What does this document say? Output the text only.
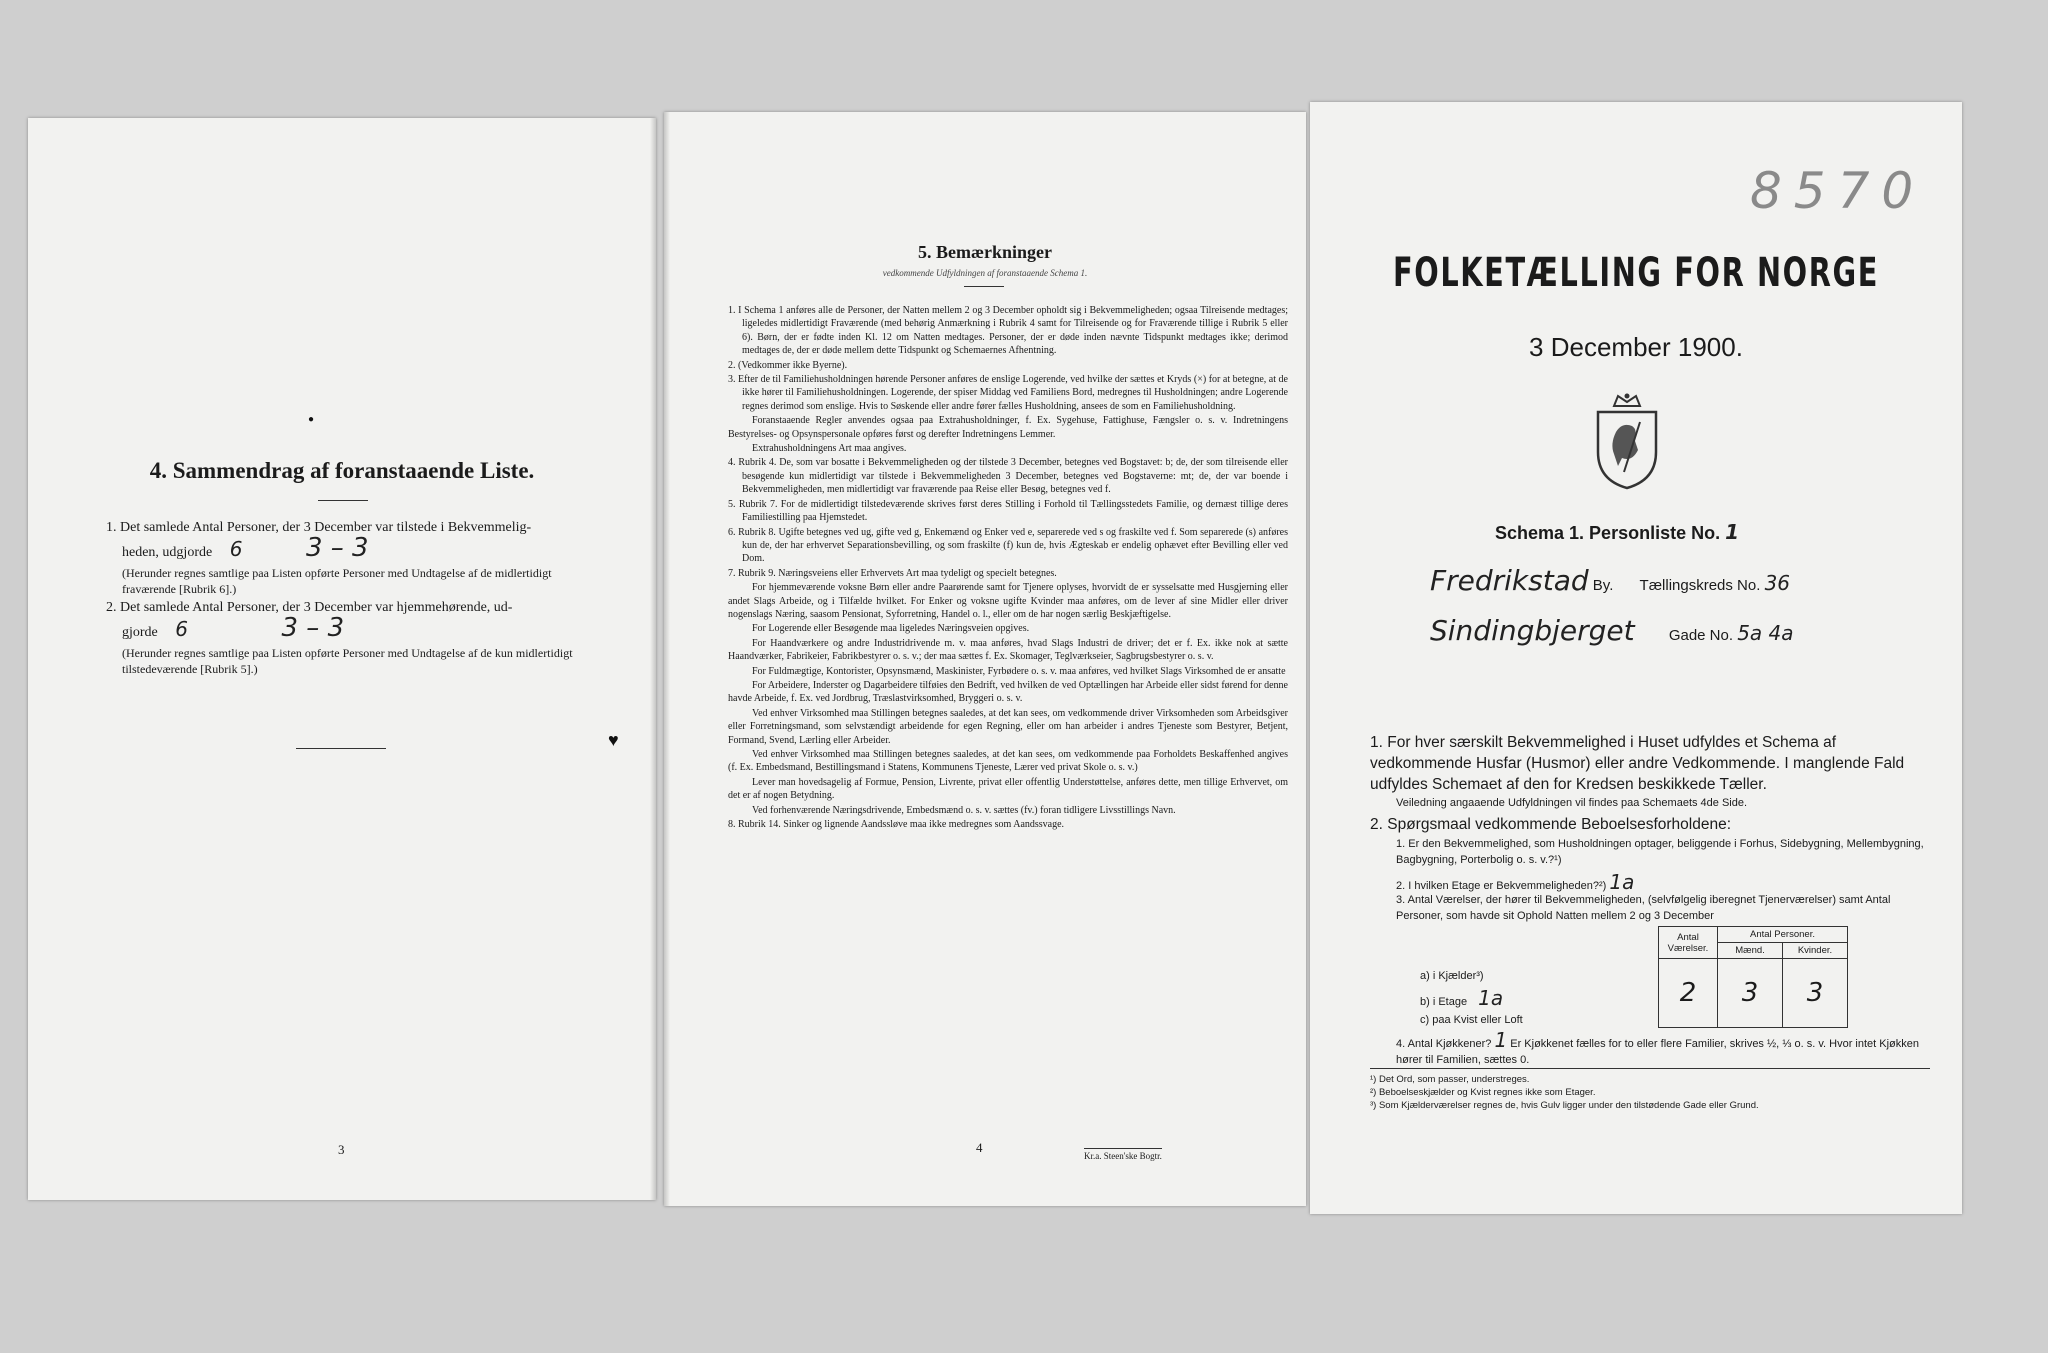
4. Sammendrag af foranstaaende Liste.
1. Det samlede Antal Personer, der 3 December var tilstede i Bekvemmelig-
heden, udgjorde 6 3 – 3
(Herunder regnes samtlige paa Listen opførte Personer med Undtagelse af de midlertidigt fraværende [Rubrik 6].)
2. Det samlede Antal Personer, der 3 December var hjemmehørende, ud-
gjorde 6	3 – 3
(Herunder regnes samtlige paa Listen opførte Personer med Undtagelse af de kun midlertidigt tilstedeværende [Rubrik 5].)
♥
●
3
5. Bemærkninger
vedkommende Udfyldningen af foranstaaende Schema 1.

1. I Schema 1 anføres alle de Personer, der Natten mellem 2 og 3 December opholdt sig i Bekvemmeligheden; ogsaa Tilreisende medtages; ligeledes midlertidigt Fraværende (med behørig Anmærkning i Rubrik 4 samt for Tilreisende og for Fraværende tillige i Rubrik 5 eller 6). Børn, der er fødte inden Kl. 12 om Natten medtages. Personer, der er døde inden nævnte Tidspunkt medtages ikke; derimod medtages de, der er døde mellem dette Tidspunkt og Schemaernes Afhentning.

2. (Vedkommer ikke Byerne).

3. Efter de til Familiehusholdningen hørende Personer anføres de enslige Logerende, ved hvilke der sættes et Kryds (×) for at betegne, at de ikke hører til Familiehusholdningen. Logerende, der spiser Middag ved Familiens Bord, medregnes til Husholdningen; andre Logerende regnes derimod som enslige. Hvis to Søskende eller andre fører fælles Husholdning, ansees de som en Familiehusholdning.

Foranstaaende Regler anvendes ogsaa paa Extrahusholdninger, f. Ex. Sygehuse, Fattighuse, Fængsler o. s. v. Indretningens Bestyrelses- og Opsynspersonale opføres først og derefter Indretningens Lemmer.

Extrahusholdningens Art maa angives.

4. Rubrik 4. De, som var bosatte i Bekvemmeligheden og der tilstede 3 December, betegnes ved Bogstavet: b; de, der som tilreisende eller besøgende kun midlertidigt var tilstede i Bekvemmeligheden 3 December, betegnes ved Bogstaverne: mt; de, der var boende i Bekvemmeligheden, men midlertidigt var fraværende paa Reise eller Besøg, betegnes ved f.

5. Rubrik 7. For de midlertidigt tilstedeværende skrives først deres Stilling i Forhold til Tællingsstedets Familie, og dernæst tillige deres Familiestilling paa Hjemstedet.

6. Rubrik 8. Ugifte betegnes ved ug, gifte ved g, Enkemænd og Enker ved e, separerede ved s og fraskilte ved f. Som separerede (s) anføres kun de, der har erhvervet Separationsbevilling, og som fraskilte (f) kun de, hvis Ægteskab er endelig ophævet efter Bevilling eller ved Dom.

7. Rubrik 9. Næringsveiens eller Erhvervets Art maa tydeligt og specielt betegnes.

For hjemmeværende voksne Børn eller andre Paarørende samt for Tjenere oplyses, hvorvidt de er sysselsatte med Husgjerning eller andet Slags Arbeide, og i Tilfælde hvilket. For Enker og voksne ugifte Kvinder maa anføres, om de lever af sine Midler eller driver nogenslags Næring, saasom Pensionat, Syforretning, Handel o. l., eller om de har nogen særlig Beskjæftigelse.

For Logerende eller Besøgende maa ligeledes Næringsveien opgives.

For Haandværkere og andre Industridrivende m. v. maa anføres, hvad Slags Industri de driver; det er f. Ex. ikke nok at sætte Haandværker, Fabrikeier, Fabrikbestyrer o. s. v.; der maa sættes f. Ex. Skomager, Teglværkseier, Sagbrugsbestyrer o. s. v.

For Fuldmægtige, Kontorister, Opsynsmænd, Maskinister, Fyrbødere o. s. v. maa anføres, ved hvilket Slags Virksomhed de er ansatte

For Arbeidere, Inderster og Dagarbeidere tilføies den Bedrift, ved hvilken de ved Optællingen har Arbeide eller sidst førend for denne havde Arbeide, f. Ex. ved Jordbrug, Træslastvirksomhed, Bryggeri o. s. v.

Ved enhver Virksomhed maa Stillingen betegnes saaledes, at det kan sees, om vedkommende driver Virksomheden som Arbeidsgiver eller Forretningsmand, som selvstændigt arbeidende for egen Regning, eller om han arbeider i andres Tjeneste som Bestyrer, Betjent, Formand, Svend, Lærling eller Arbeider.

Ved enhver Virksomhed maa Stillingen betegnes saaledes, at det kan sees, om vedkommende paa Forholdets Beskaffenhed angives (f. Ex. Embedsmand, Bestillingsmand i Statens, Kommunens Tjeneste, Lærer ved privat Skole o. s. v.)

Lever man hovedsagelig af Formue, Pension, Livrente, privat eller offentlig Understøttelse, anføres dette, men tillige Erhvervet, om det er af nogen Betydning.

Ved forhenværende Næringsdrivende, Embedsmænd o. s. v. sættes (fv.) foran tidligere Livsstillings Navn.

8. Rubrik 14. Sinker og lignende Aandssløve maa ikke medregnes som Aandssvage.

4
Kr.a. Steen'ske Bogtr.
8570
FOLKETÆLLING FOR NORGE
3 December 1900.
Schema 1. Personliste No. 1
Fredrikstad By. Tællingskreds No. 36
Sindingbjerget Gade No. 5a 4a
1. For hver særskilt Bekvemmelighed i Huset udfyldes et Schema af vedkommende Husfar (Husmor) eller andre Vedkommende. I manglende Fald udfyldes Schemaet af den for Kredsen beskikkede Tæller.
Veiledning angaaende Udfyldningen vil findes paa Schemaets 4de Side.
2. Spørgsmaal vedkommende Beboelsesforholdene:
1. Er den Bekvemmelighed, som Husholdningen optager, beliggende i Forhus, Sidebygning, Mellembygning, Bagbygning, Porterbolig o. s. v.?¹)
2. I hvilken Etage er Bekvemmeligheden?²) 1a
3. Antal Værelser, der hører til Bekvemmeligheden, (selvfølgelig iberegnet Tjenerværelser) samt Antal Personer, som havde sit Ophold Natten mellem 2 og 3 December
a) i Kjælder³)
b) i Etage 1a
c) paa Kvist eller Loft
Antal Værelser.	Antal Personer.	
	Mænd.	Kvinder.
2	3	3
4. Antal Kjøkkener? 1 Er Kjøkkenet fælles for to eller flere Familier, skrives ½, ⅓ o. s. v. Hvor intet Kjøkken hører til Familien, sættes 0.
¹) Det Ord, som passer, understreges.
²) Beboelseskjælder og Kvist regnes ikke som Etager.
³) Som Kjælderværelser regnes de, hvis Gulv ligger under den tilstødende Gade eller Grund.
